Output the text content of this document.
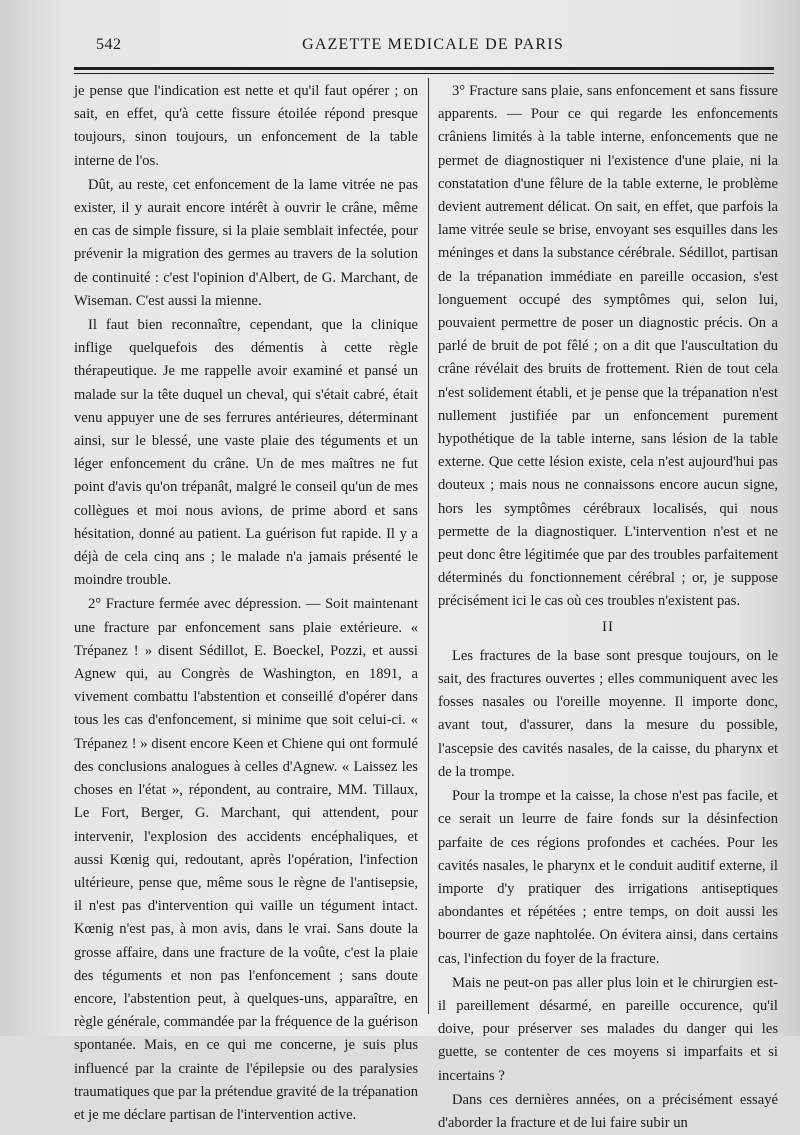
542	GAZETTE MEDICALE DE PARIS

je pense que l'indication est nette et qu'il faut opérer ; on sait, en effet, qu'à cette fissure étoilée répond presque toujours, sinon toujours, un enfoncement de la table interne de l'os.

Dût, au reste, cet enfoncement de la lame vitrée ne pas exister, il y aurait encore intérêt à ouvrir le crâne, même en cas de simple fissure, si la plaie semblait infectée, pour prévenir la migration des germes au travers de la solution de continuité : c'est l'opinion d'Albert, de G. Marchant, de Wiseman. C'est aussi la mienne.

Il faut bien reconnaître, cependant, que la clinique inflige quelquefois des démentis à cette règle thérapeutique. Je me rappelle avoir examiné et pansé un malade sur la tête duquel un cheval, qui s'était cabré, était venu appuyer une de ses ferrures antérieures, déterminant ainsi, sur le blessé, une vaste plaie des téguments et un léger enfoncement du crâne. Un de mes maîtres ne fut point d'avis qu'on trépanât, malgré le conseil qu'un de mes collègues et moi nous avions, de prime abord et sans hésitation, donné au patient. La guérison fut rapide. Il y a déjà de cela cinq ans ; le malade n'a jamais présenté le moindre trouble.

2° Fracture fermée avec dépression. — Soit maintenant une fracture par enfoncement sans plaie extérieure. « Trépanez ! » disent Sédillot, E. Boeckel, Pozzi, et aussi Agnew qui, au Congrès de Washington, en 1891, a vivement combattu l'abstention et conseillé d'opérer dans tous les cas d'enfoncement, si minime que soit celui-ci. « Trépanez ! » disent encore Keen et Chiene qui ont formulé des conclusions analogues à celles d'Agnew. « Laissez les choses en l'état », répondent, au contraire, MM. Tillaux, Le Fort, Berger, G. Marchant, qui attendent, pour intervenir, l'explosion des accidents encéphaliques, et aussi Kœnig qui, redoutant, après l'opération, l'infection ultérieure, pense que, même sous le règne de l'antisepsie, il n'est pas d'intervention qui vaille un tégument intact. Kœnig n'est pas, à mon avis, dans le vrai. Sans doute la grosse affaire, dans une fracture de la voûte, c'est la plaie des téguments et non pas l'enfoncement ; sans doute encore, l'abstention peut, à quelques-uns, apparaître, en règle générale, commandée par la fréquence de la guérison spontanée. Mais, en ce qui me concerne, je suis plus influencé par la crainte de l'épilepsie ou des paralysies traumatiques que par la prétendue gravité de la trépanation et je me déclare partisan de l'intervention active.

3° Fracture sans plaie, sans enfoncement et sans fissure apparents. — Pour ce qui regarde les enfoncements crâniens limités à la table interne, enfoncements que ne permet de diagnostiquer ni l'existence d'une plaie, ni la constatation d'une fêlure de la table externe, le problème devient autrement délicat. On sait, en effet, que parfois la lame vitrée seule se brise, envoyant ses esquilles dans les méninges et dans la substance cérébrale. Sédillot, partisan de la trépanation immédiate en pareille occasion, s'est longuement occupé des symptômes qui, selon lui, pouvaient permettre de poser un diagnostic précis. On a parlé de bruit de pot fêlé ; on a dit que l'auscultation du crâne révélait des bruits de frottement. Rien de tout cela n'est solidement établi, et je pense que la trépanation n'est nullement justifiée par un enfoncement purement hypothétique de la table interne, sans lésion de la table externe. Que cette lésion existe, cela n'est aujourd'hui pas douteux ; mais nous ne connaissons encore aucun signe, hors les symptômes cérébraux localisés, qui nous permette de la diagnostiquer. L'intervention n'est et ne peut donc être légitimée que par des troubles parfaitement déterminés du fonctionnement cérébral ; or, je suppose précisément ici le cas où ces troubles n'existent pas.

II

Les fractures de la base sont presque toujours, on le sait, des fractures ouvertes ; elles communiquent avec les fosses nasales ou l'oreille moyenne. Il importe donc, avant tout, d'assurer, dans la mesure du possible, l'ascepsie des cavités nasales, de la caisse, du pharynx et de la trompe.

Pour la trompe et la caisse, la chose n'est pas facile, et ce serait un leurre de faire fonds sur la désinfection parfaite de ces régions profondes et cachées. Pour les cavités nasales, le pharynx et le conduit auditif externe, il importe d'y pratiquer des irrigations antiseptiques abondantes et répétées ; entre temps, on doit aussi les bourrer de gaze naphtolée. On évitera ainsi, dans certains cas, l'infection du foyer de la fracture.

Mais ne peut-on pas aller plus loin et le chirurgien est-il pareillement désarmé, en pareille occurence, qu'il doive, pour préserver ses malades du danger qui les guette, se contenter de ces moyens si imparfaits et si incertains ?

Dans ces dernières années, on a précisément essayé d'aborder la fracture et de lui faire subir un
